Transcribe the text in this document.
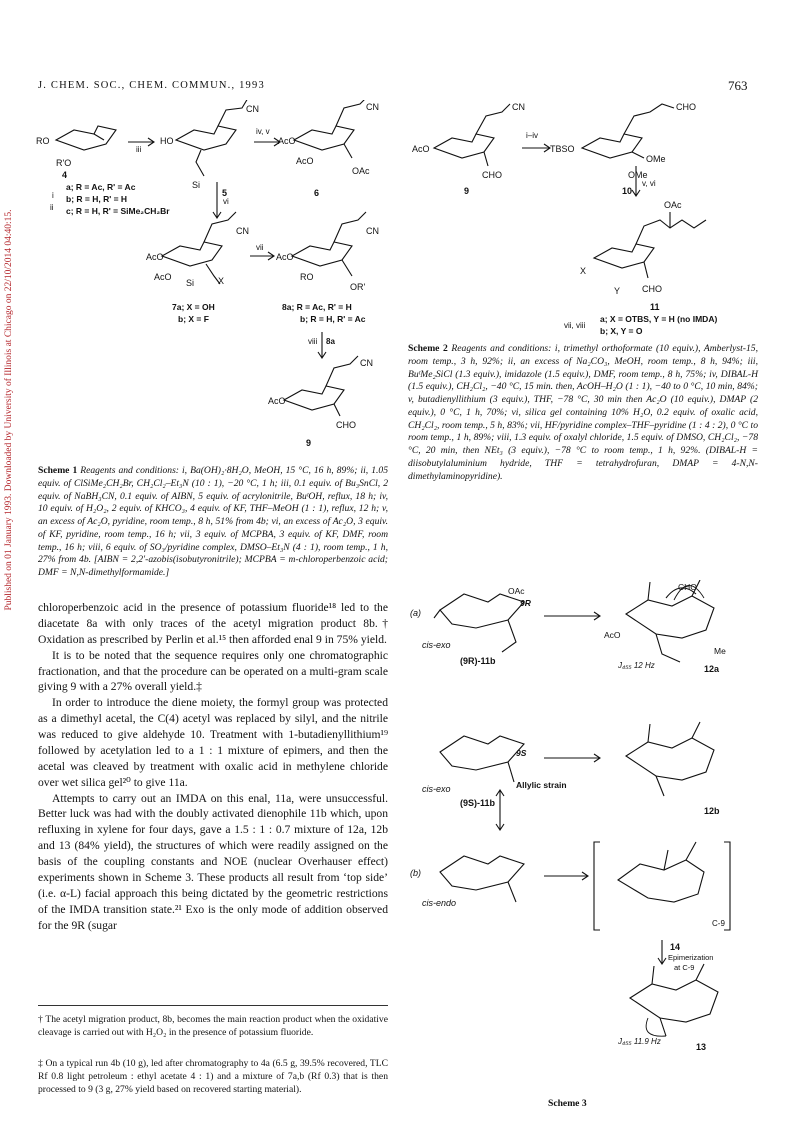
J. CHEM. SOC., CHEM. COMMUN., 1993	763
Published on 01 January 1993. Downloaded by University of Illinois at Chicago on 22/10/2014 04:40:15.
RO
R'O
HO	AcO
AcO
AcO
AcO
AcO
RO
AcO
CN	CN
CN	CN
CN
OAc
OR'
CHO
X
Si
Si
4
a; R = Ac, R' = Ac
b; R = H, R' = H
c; R = H, R' = SiMe₂CH₂Br
i
ii
5	6
iii
iv, v
vi
vii
viii 8a
7a; X = OH
b; X = F
8a; R = Ac, R' = H
b; R = H, R' = Ac
9
Scheme 1 Reagents and conditions: i, Ba(OH)₂·8H₂O, MeOH, 15 °C, 16 h, 89%; ii, 1.05 equiv. of ClSiMe₂CH₂Br, CH₂Cl₂–Et₃N (10 : 1), −20 °C, 1 h; iii, 0.1 equiv. of Bu₃SnCl, 2 equiv. of NaBH₃CN, 0.1 equiv. of AIBN, 5 equiv. of acrylonitrile, BuᵗOH, reflux, 18 h; iv, 10 equiv. of H₂O₂, 2 equiv. of KHCO₃, 4 equiv. of KF, THF–MeOH (1 : 1), reflux, 12 h; v, an excess of Ac₂O, pyridine, room temp., 8 h, 51% from 4b; vi, an excess of Ac₂O, 3 equiv. of KF, pyridine, room temp., 16 h; vii, 3 equiv. of MCPBA, 3 equiv. of KF, DMF, room temp., 16 h; viii, 6 equiv. of SO₃/pyridine complex, DMSO–Et₃N (4 : 1), room temp., 1 h, 27% from 4b. [AIBN = 2,2′-azobis(isobutyronitrile); MCPBA = m-chloroperbenzoic acid; DMF = N,N-dimethylformamide.]
AcO
CN
CHO
TBSO
CHO
OMe
OMe
OAc
X
Y CHO
9	10
11
i–iv
v, vi
vii, viii
a; X = OTBS, Y = H (no IMDA)
b; X, Y = O
Scheme 2 Reagents and conditions: i, trimethyl orthoformate (10 equiv.), Amberlyst-15, room temp., 3 h, 92%; ii, an excess of Na₂CO₃, MeOH, room temp., 8 h, 94%; iii, BuᵗMe₂SiCl (1.3 equiv.), imidazole (1.5 equiv.), DMF, room temp., 8 h, 75%; iv, DIBAL-H (1.5 equiv.), CH₂Cl₂, −40 °C, 15 min. then, AcOH–H₂O (1 : 1), −40 to 0 °C, 10 min, 84%; v, butadienyllithium (3 equiv.), THF, −78 °C, 30 min then Ac₂O (10 equiv.), DMAP (2 equiv.), 0 °C, 1 h, 70%; vi, silica gel containing 10% H₂O, 0.2 equiv. of oxalic acid, CH₂Cl₂, room temp., 5 h, 83%; vii, HF/pyridine complex–THF–pyridine (1 : 4 : 2), 0 °C to room temp., 1 h, 89%; viii, 1.3 equiv. of oxalyl chloride, 1.5 equiv. of DMSO, CH₂Cl₂, −78 °C, 20 min, then NEt₃ (3 equiv.), −78 °C to room temp., 1 h, 92%. (DIBAL-H = diisobutylaluminium hydride, THF = tetrahydrofuran, DMAP = 4-N,N-dimethylaminopyridine).
(a)
(b)
cis-exo
cis-exo
cis-endo
(9R)-11b
(9S)-11b
Allylic strain
12a
12b
14
13
J₄₅₅ 12 Hz
J₄₅₅ 11.9 Hz
Epimerization
at C-9
C-9
OAc
9R
9S
AcO
CHO
Me

chloroperbenzoic acid in the presence of potassium fluoride¹⁸ led to the diacetate 8a with only traces of the acetyl migration product 8b.† Oxidation as prescribed by Perlin et al.¹⁵ then afforded enal 9 in 75% yield.

It is to be noted that the sequence requires only one chromatographic fractionation, and that the procedure can be operated on a multi-gram scale giving 9 with a 27% overall yield.‡

In order to introduce the diene moiety, the formyl group was protected as a dimethyl acetal, the C(4) acetyl was replaced by silyl, and the nitrile was reduced to give aldehyde 10. Treatment with 1-butadienyllithium¹⁹ followed by acetylation led to a 1 : 1 mixture of epimers, and then the acetal was cleaved by treatment with oxalic acid in methylene chloride over wet silica gel²⁰ to give 11a.

Attempts to carry out an IMDA on this enal, 11a, were unsuccessful. Better luck was had with the doubly activated dienophile 11b which, upon refluxing in xylene for four days, gave a 1.5 : 1 : 0.7 mixture of 12a, 12b and 13 (84% yield), the structures of which were readily assigned on the basis of the coupling constants and NOE (nuclear Overhauser effect) experiments shown in Scheme 3. These products all result from ‘top side’ (i.e. α-L) facial approach this being dictated by the geometric restrictions of the IMDA transition state.²¹ Exo is the only mode of addition observed for the 9R (sugar

† The acetyl migration product, 8b, becomes the main reaction product when the oxidative cleavage is carried out with H₂O₂ in the presence of potassium fluoride.
‡ On a typical run 4b (10 g), led after chromatography to 4a (6.5 g, 39.5% recovered, TLC Rf 0.8 light petroleum : ethyl acetate 4 : 1) and a mixture of 7a,b (Rf 0.3) that is then processed to 9 (3 g, 27% yield based on recovered starting material).
Scheme 3
